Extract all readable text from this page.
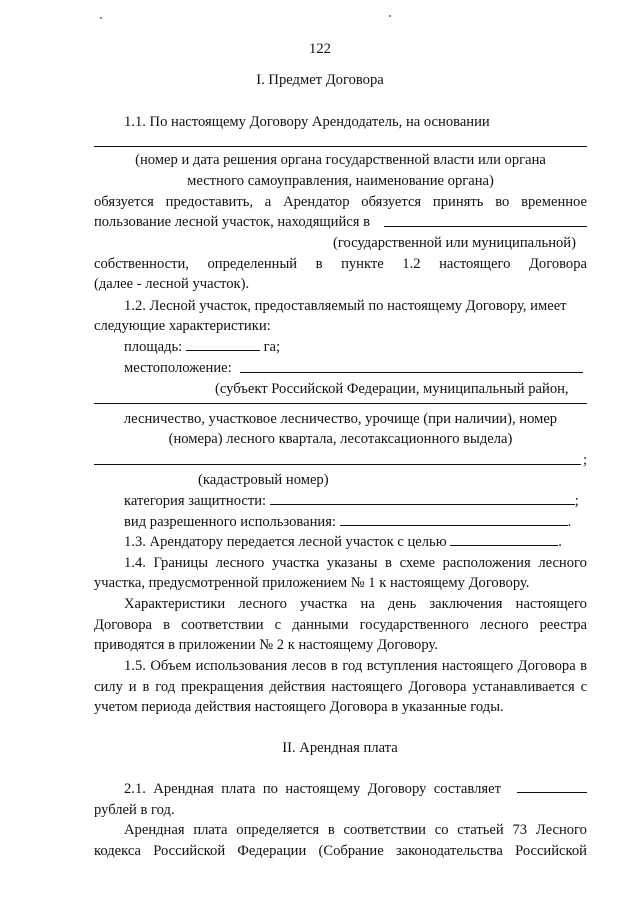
122
I. Предмет Договора
1.1. По настоящему Договору Арендодатель, на основании
(номер и дата решения органа государственной власти или органа
местного самоуправления, наименование органа)
обязуется предоставить, а Арендатор обязуется принять во временное
пользование лесной участок, находящийся в
(государственной или муниципальной)
собственности, определенный в пункте 1.2 настоящего Договора
(далее - лесной участок).
1.2. Лесной участок, предоставляемый по настоящему Договору, имеет
следующие характеристики:
площадь:	га;
местоположение:
(субъект Российской Федерации, муниципальный район,
лесничество, участковое лесничество, урочище (при наличии), номер
(номера) лесного квартала, лесотаксационного выдела)
;
(кадастровый номер)
категория защитности:	;
вид разрешенного использования:	.
1.3. Арендатору передается лесной участок с целью	.
1.4. Границы лесного участка указаны в схеме расположения лесного
участка, предусмотренной приложением № 1 к настоящему Договору.
Характеристики лесного участка на день заключения настоящего
Договора в соответствии с данными государственного лесного реестра
приводятся в приложении № 2 к настоящему Договору.
1.5. Объем использования лесов в год вступления настоящего Договора в
силу и в год прекращения действия настоящего Договора устанавливается с
учетом периода действия настоящего Договора в указанные годы.
II. Арендная плата
2.1. Арендная плата по настоящему Договору составляет
рублей в год.
Арендная плата определяется в соответствии со статьей 73 Лесного
кодекса Российской Федерации (Собрание законодательства Российской
